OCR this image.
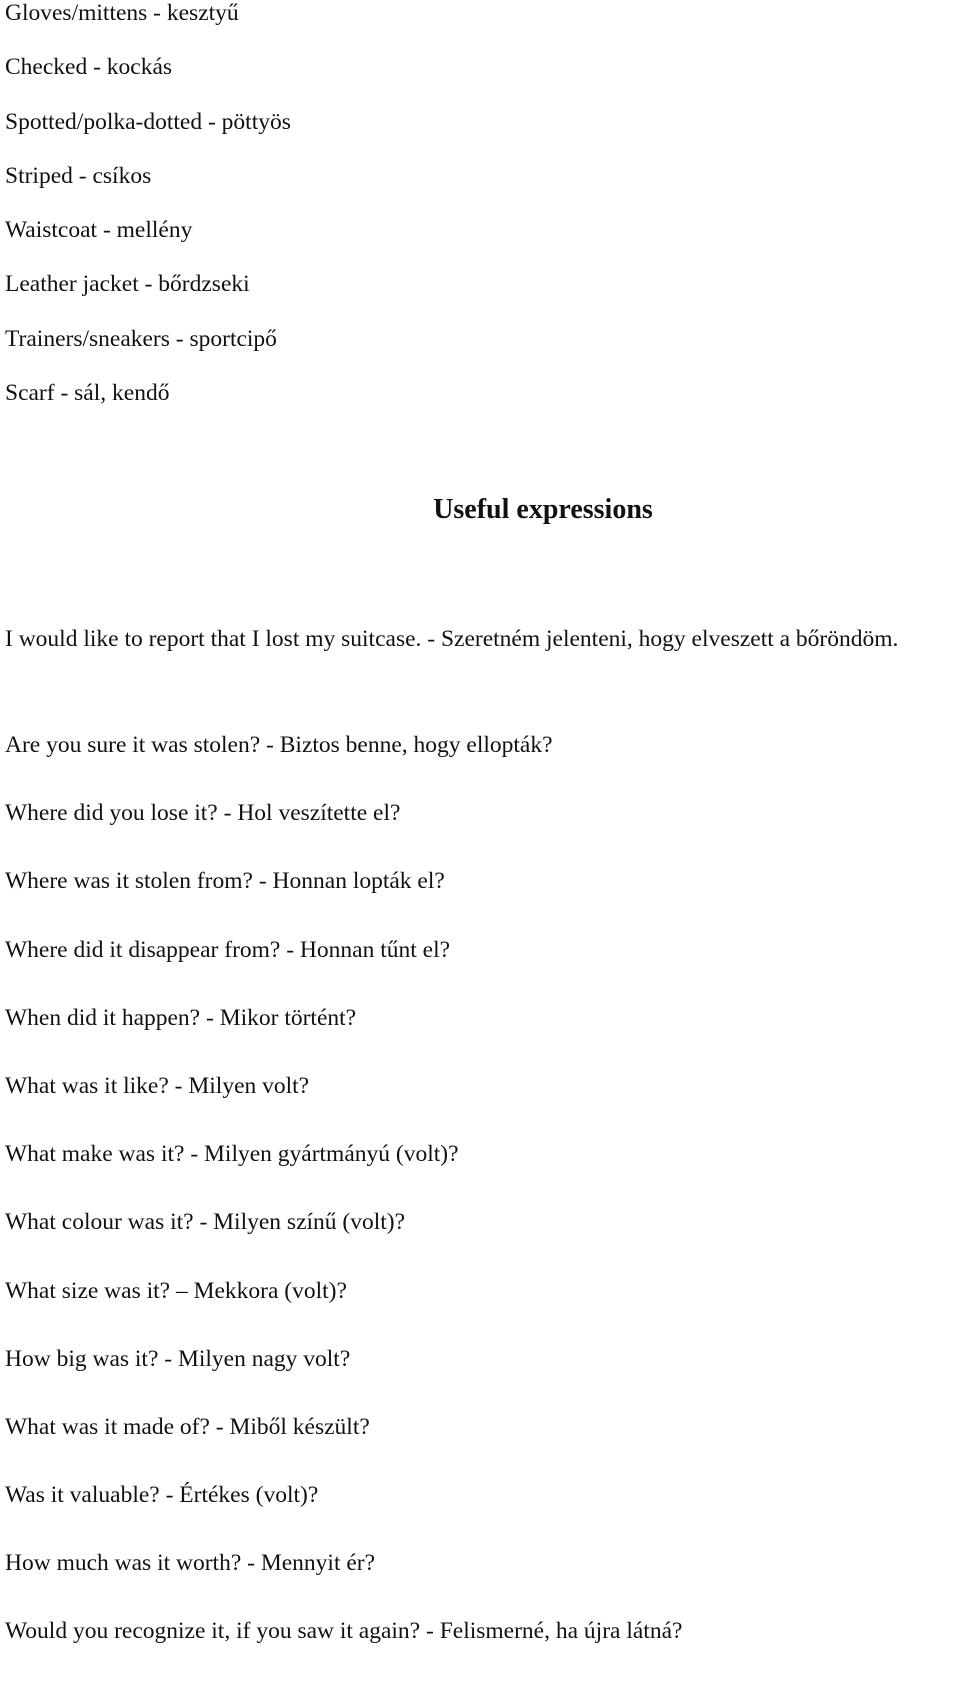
Gloves/mittens - kesztyű
Checked - kockás
Spotted/polka-dotted - pöttyös
Striped - csíkos
Waistcoat - mellény
Leather jacket - bőrdzseki
Trainers/sneakers - sportcipő
Scarf - sál, kendő
Useful expressions

I would like to report that I lost my suitcase. - Szeretném jelenteni, hogy elveszett a bőröndöm.

Are you sure it was stolen? - Biztos benne, hogy ellopták?
Where did you lose it? - Hol veszítette el?
Where was it stolen from? - Honnan lopták el?
Where did it disappear from? - Honnan tűnt el?
When did it happen? - Mikor történt?
What was it like? - Milyen volt?
What make was it? - Milyen gyártmányú (volt)?
What colour was it? - Milyen színű (volt)?
What size was it? – Mekkora (volt)?
How big was it? - Milyen nagy volt?
What was it made of? - Miből készült?
Was it valuable? - Értékes (volt)?
How much was it worth? - Mennyit ér?
Would you recognize it, if you saw it again? - Felismerné, ha újra látná?
